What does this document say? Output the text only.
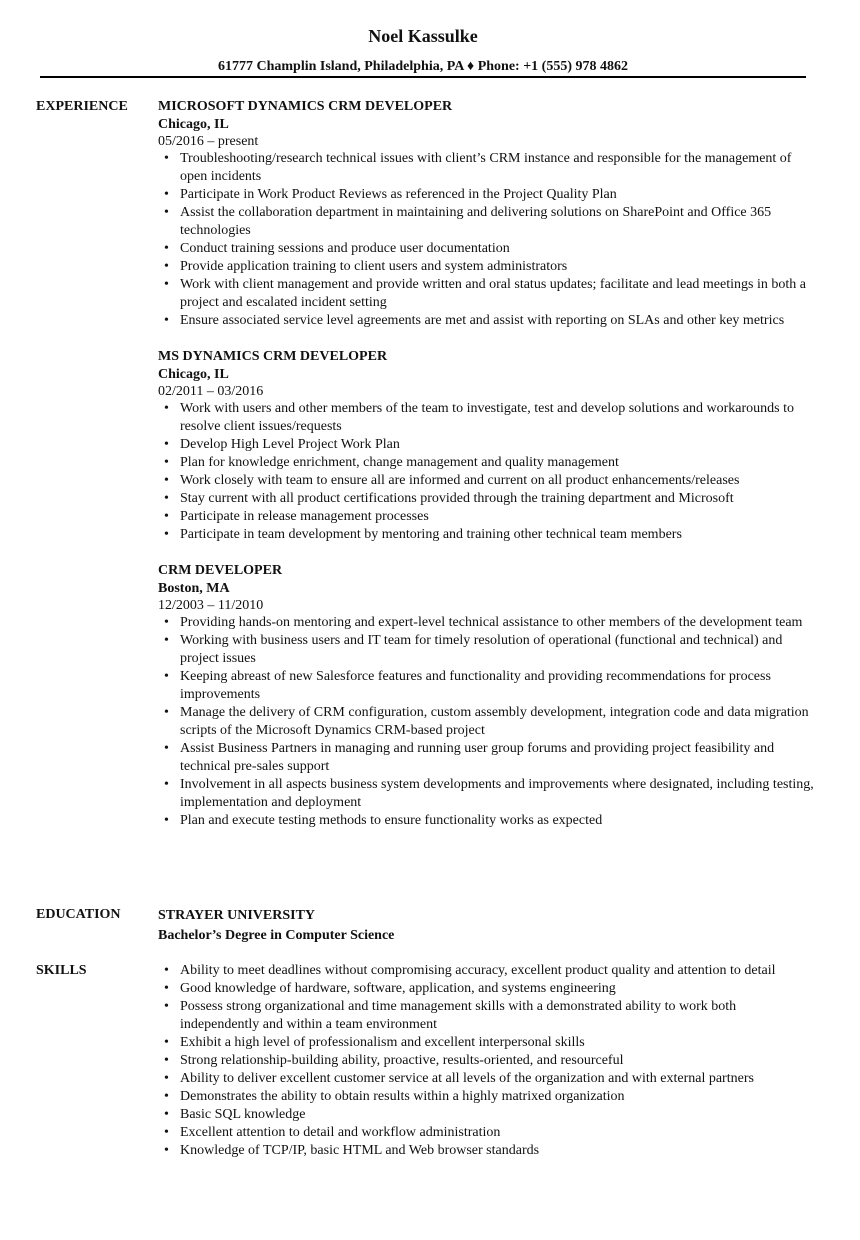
Noel Kassulke
61777 Champlin Island, Philadelphia, PA ♦ Phone: +1 (555) 978 4862
EXPERIENCE MICROSOFT DYNAMICS CRM DEVELOPER
Chicago, IL
05/2016 – present
• Troubleshooting/research technical issues with client’s CRM instance and responsible for the management of open incidents
• Participate in Work Product Reviews as referenced in the Project Quality Plan
• Assist the collaboration department in maintaining and delivering solutions on SharePoint and Office 365 technologies
• Conduct training sessions and produce user documentation
• Provide application training to client users and system administrators
• Work with client management and provide written and oral status updates; facilitate and lead meetings in both a project and escalated incident setting
• Ensure associated service level agreements are met and assist with reporting on SLAs and other key metrics
MS DYNAMICS CRM DEVELOPER
Chicago, IL
02/2011 – 03/2016
• Work with users and other members of the team to investigate, test and develop solutions and workarounds to resolve client issues/requests
• Develop High Level Project Work Plan
• Plan for knowledge enrichment, change management and quality management
• Work closely with team to ensure all are informed and current on all product enhancements/releases
• Stay current with all product certifications provided through the training department and Microsoft
• Participate in release management processes
• Participate in team development by mentoring and training other technical team members
CRM DEVELOPER
Boston, MA
12/2003 – 11/2010
• Providing hands-on mentoring and expert-level technical assistance to other members of the development team
• Working with business users and IT team for timely resolution of operational (functional and technical) and project issues
• Keeping abreast of new Salesforce features and functionality and providing recommendations for process improvements
• Manage the delivery of CRM configuration, custom assembly development, integration code and data migration scripts of the Microsoft Dynamics CRM-based project
• Assist Business Partners in managing and running user group forums and providing project feasibility and technical pre-sales support
• Involvement in all aspects business system developments and improvements where designated, including testing, implementation and deployment
• Plan and execute testing methods to ensure functionality works as expected
EDUCATION	STRAYER UNIVERSITY
Bachelor’s Degree in Computer Science
SKILLS	• Ability to meet deadlines without compromising accuracy, excellent product quality and attention to detail
• Good knowledge of hardware, software, application, and systems engineering
• Possess strong organizational and time management skills with a demonstrated ability to work both independently and within a team environment
• Exhibit a high level of professionalism and excellent interpersonal skills
• Strong relationship-building ability, proactive, results-oriented, and resourceful
• Ability to deliver excellent customer service at all levels of the organization and with external partners
• Demonstrates the ability to obtain results within a highly matrixed organization
• Basic SQL knowledge
• Excellent attention to detail and workflow administration
• Knowledge of TCP/IP, basic HTML and Web browser standards
